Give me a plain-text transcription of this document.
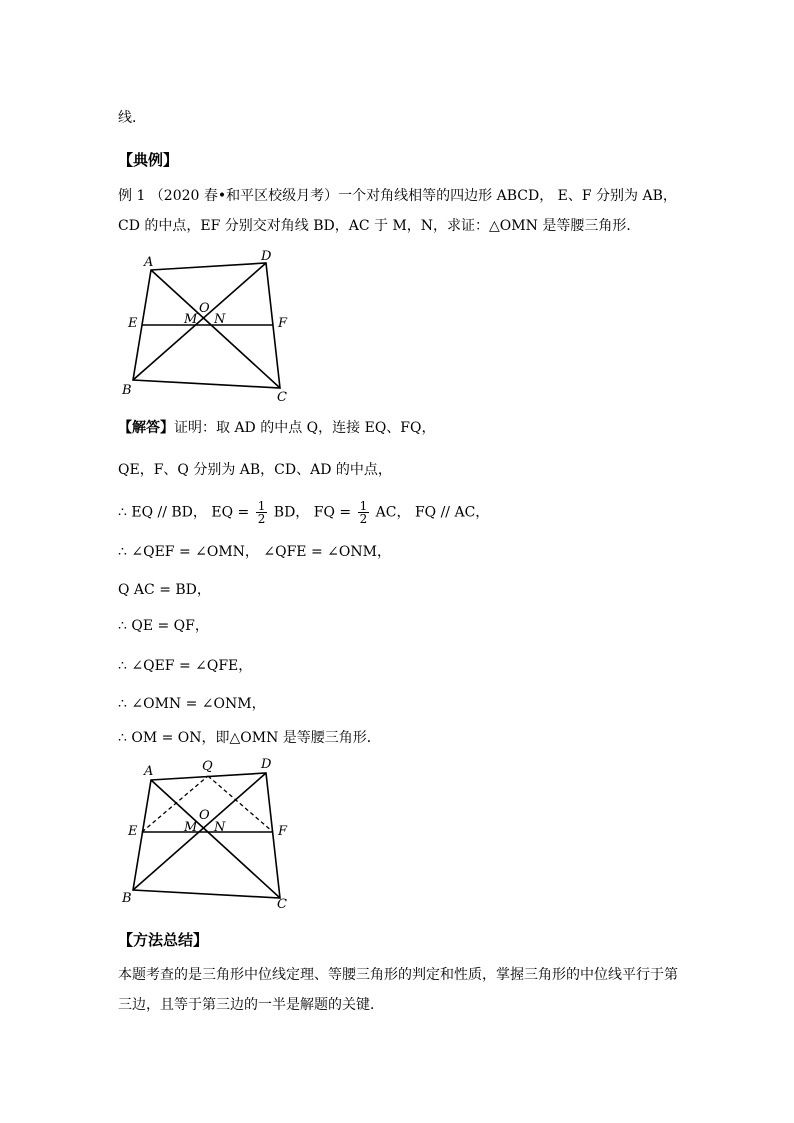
线．
【典例】
例 1 （2020 春•和平区校级月考）一个对角线相等的四边形 ABCD， E、F 分别为 AB，
CD 的中点，EF 分别交对角线 BD，AC 于 M，N，求证：△OMN 是等腰三角形．
A	D
O
E	M N	F
B	C
【解答】证明：取 AD 的中点 Q，连接 EQ、FQ，
QE，F、Q 分别为 AB，CD、AD 的中点，
∴ EQ // BD， EQ = $\frac{1}{2}$ BD， FQ = $\frac{1}{2}$ AC， FQ // AC，
∴ ∠QEF = ∠OMN， ∠QFE = ∠ONM，
Q AC = BD，
∴ QE = QF，
∴ ∠QEF = ∠QFE，
∴ ∠OMN = ∠ONM，
∴ OM = ON，即△OMN 是等腰三角形．
A	Q	D
O
E	M N	F
B	C
【方法总结】
本题考查的是三角形中位线定理、等腰三角形的判定和性质，掌握三角形的中位线平行于第三边，且等于第三边的一半是解题的关键．
